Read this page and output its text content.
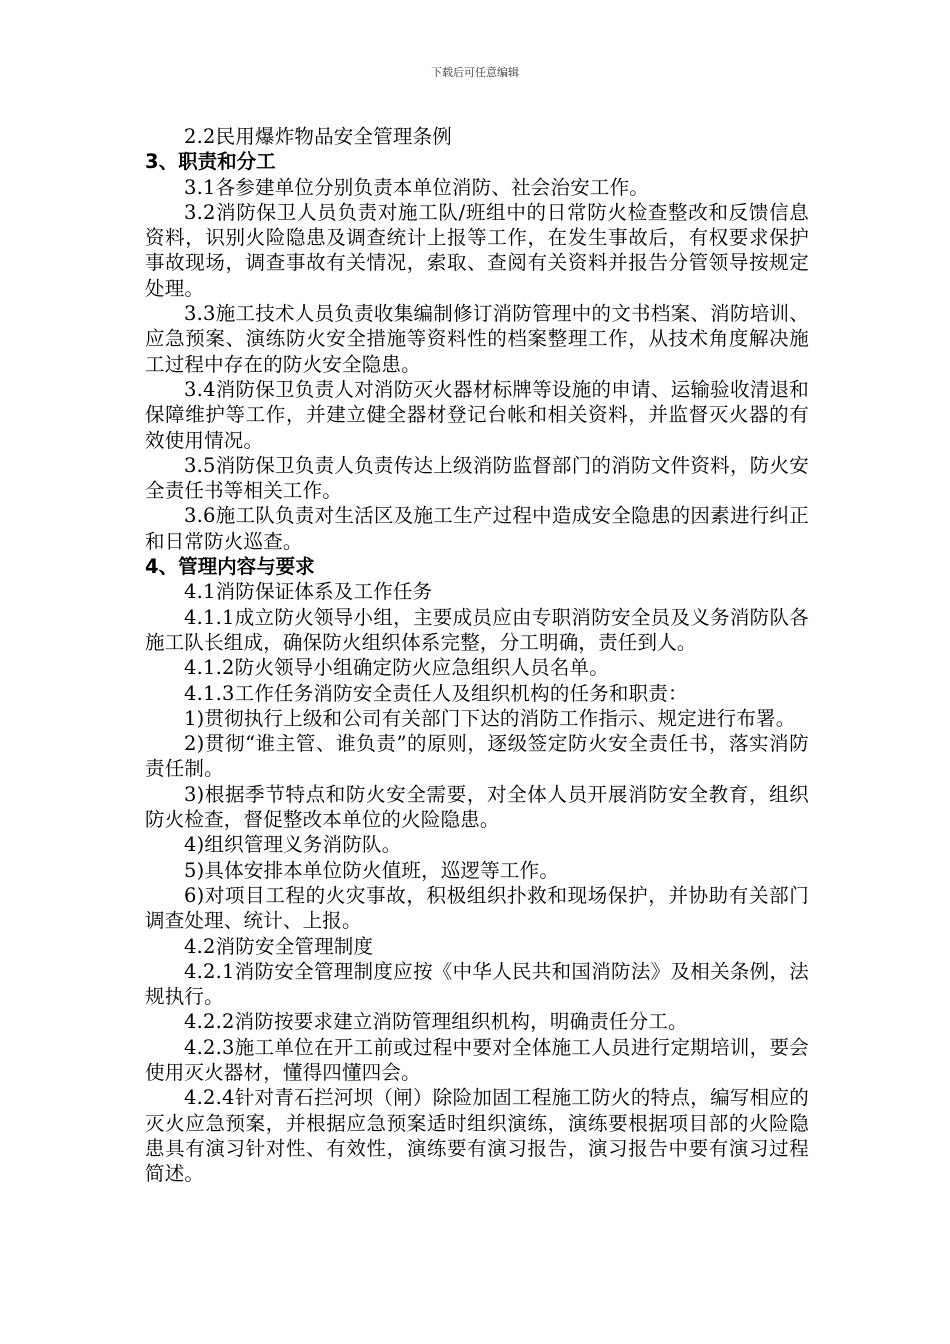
下载后可任意编辑

2.2民用爆炸物品安全管理条例

3、职责和分工

3.1各参建单位分别负责本单位消防、社会治安工作。

3.2消防保卫人员负责对施工队/班组中的日常防火检查整改和反馈信息资料，识别火险隐患及调查统计上报等工作，在发生事故后，有权要求保护事故现场，调查事故有关情况，索取、查阅有关资料并报告分管领导按规定处理。

3.3施工技术人员负责收集编制修订消防管理中的文书档案、消防培训、应急预案、演练防火安全措施等资料性的档案整理工作，从技术角度解决施工过程中存在的防火安全隐患。

3.4消防保卫负责人对消防灭火器材标牌等设施的申请、运输验收清退和保障维护等工作，并建立健全器材登记台帐和相关资料，并监督灭火器的有效使用情况。

3.5消防保卫负责人负责传达上级消防监督部门的消防文件资料，防火安全责任书等相关工作。

3.6施工队负责对生活区及施工生产过程中造成安全隐患的因素进行纠正和日常防火巡查。

4、管理内容与要求

4.1消防保证体系及工作任务

4.1.1成立防火领导小组，主要成员应由专职消防安全员及义务消防队各施工队长组成，确保防火组织体系完整，分工明确，责任到人。

4.1.2防火领导小组确定防火应急组织人员名单。

4.1.3工作任务消防安全责任人及组织机构的任务和职责：

1)贯彻执行上级和公司有关部门下达的消防工作指示、规定进行布署。

2)贯彻“谁主管、谁负责”的原则，逐级签定防火安全责任书，落实消防责任制。

3)根据季节特点和防火安全需要，对全体人员开展消防安全教育，组织防火检查，督促整改本单位的火险隐患。

4)组织管理义务消防队。

5)具体安排本单位防火值班，巡逻等工作。

6)对项目工程的火灾事故，积极组织扑救和现场保护，并协助有关部门调查处理、统计、上报。

4.2消防安全管理制度

4.2.1消防安全管理制度应按《中华人民共和国消防法》及相关条例，法规执行。

4.2.2消防按要求建立消防管理组织机构，明确责任分工。

4.2.3施工单位在开工前或过程中要对全体施工人员进行定期培训，要会使用灭火器材，懂得四懂四会。

4.2.4针对青石拦河坝（闸）除险加固工程施工防火的特点，编写相应的灭火应急预案，并根据应急预案适时组织演练，演练要根据项目部的火险隐患具有演习针对性、有效性，演练要有演习报告，演习报告中要有演习过程简述。
